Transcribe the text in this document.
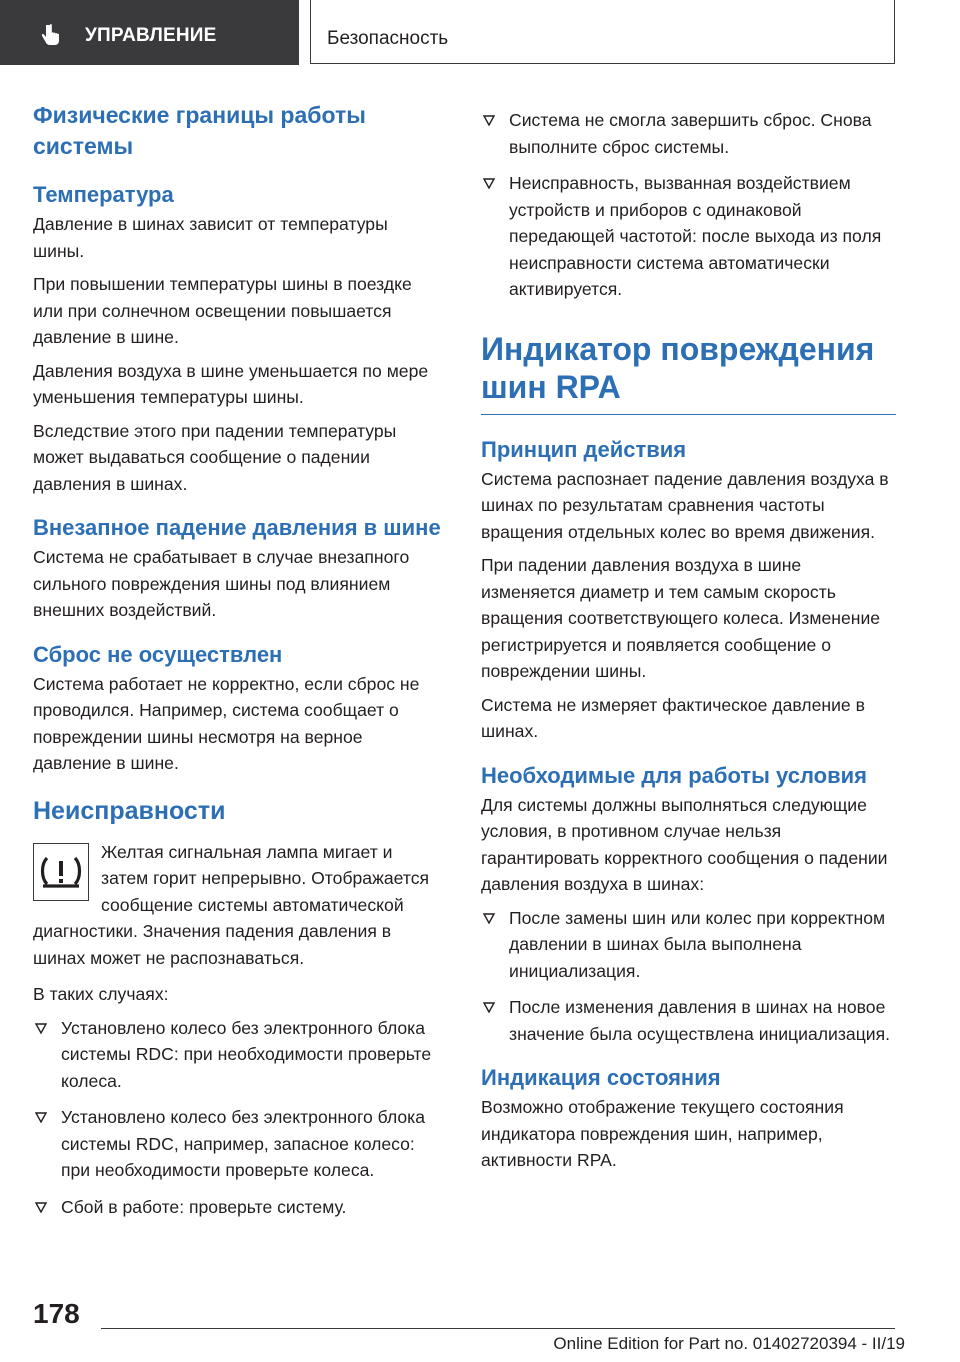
УПРАВЛЕНИЕ	Безопасность
Физические границы работы системы
Температура

Давление в шинах зависит от температуры шины.

При повышении температуры шины в поездке или при солнечном освещении повышается давление в шине.

Давления воздуха в шине уменьшается по мере уменьшения температуры шины.

Вследствие этого при падении температуры может выдаваться сообщение о падении давления в шинах.

Внезапное падение давления в шине

Система не срабатывает в случае внезапного сильного повреждения шины под влиянием внешних воздействий.

Сброс не осуществлен

Система работает не корректно, если сброс не проводился. Например, система сообщает о повреждении шины несмотря на верное давление в шине.

Неисправности

Желтая сигнальная лампа мигает и затем горит непрерывно. Отображается сообщение системы автоматической диагностики. Значения падения давления в шинах может не распознаваться.

В таких случаях:

Установлено колесо без электронного блока системы RDC: при необходимости проверьте колеса.
Установлено колесо без электронного блока системы RDC, например, запасное колесо: при необходимости проверьте колеса.
Сбой в работе: проверьте систему.
Система не смогла завершить сброс. Снова выполните сброс системы.
Неисправность, вызванная воздействием устройств и приборов с одинаковой передающей частотой: после выхода из поля неисправности система автоматически активируется.
Индикатор повреждения шин RPA
Принцип действия

Система распознает падение давления воздуха в шинах по результатам сравнения частоты вращения отдельных колес во время движения.

При падении давления воздуха в шине изменяется диаметр и тем самым скорость вращения соответствующего колеса. Изменение регистрируется и появляется сообщение о повреждении шины.

Система не измеряет фактическое давление в шинах.

Необходимые для работы условия

Для системы должны выполняться следующие условия, в противном случае нельзя гарантировать корректного сообщения о падении давления воздуха в шинах:

После замены шин или колес при корректном давлении в шинах была выполнена инициализация.
После изменения давления в шинах на новое значение была осуществлена инициализация.
Индикация состояния

Возможно отображение текущего состояния индикатора повреждения шин, например, активности RPA.

178
Online Edition for Part no. 01402720394 - II/19
